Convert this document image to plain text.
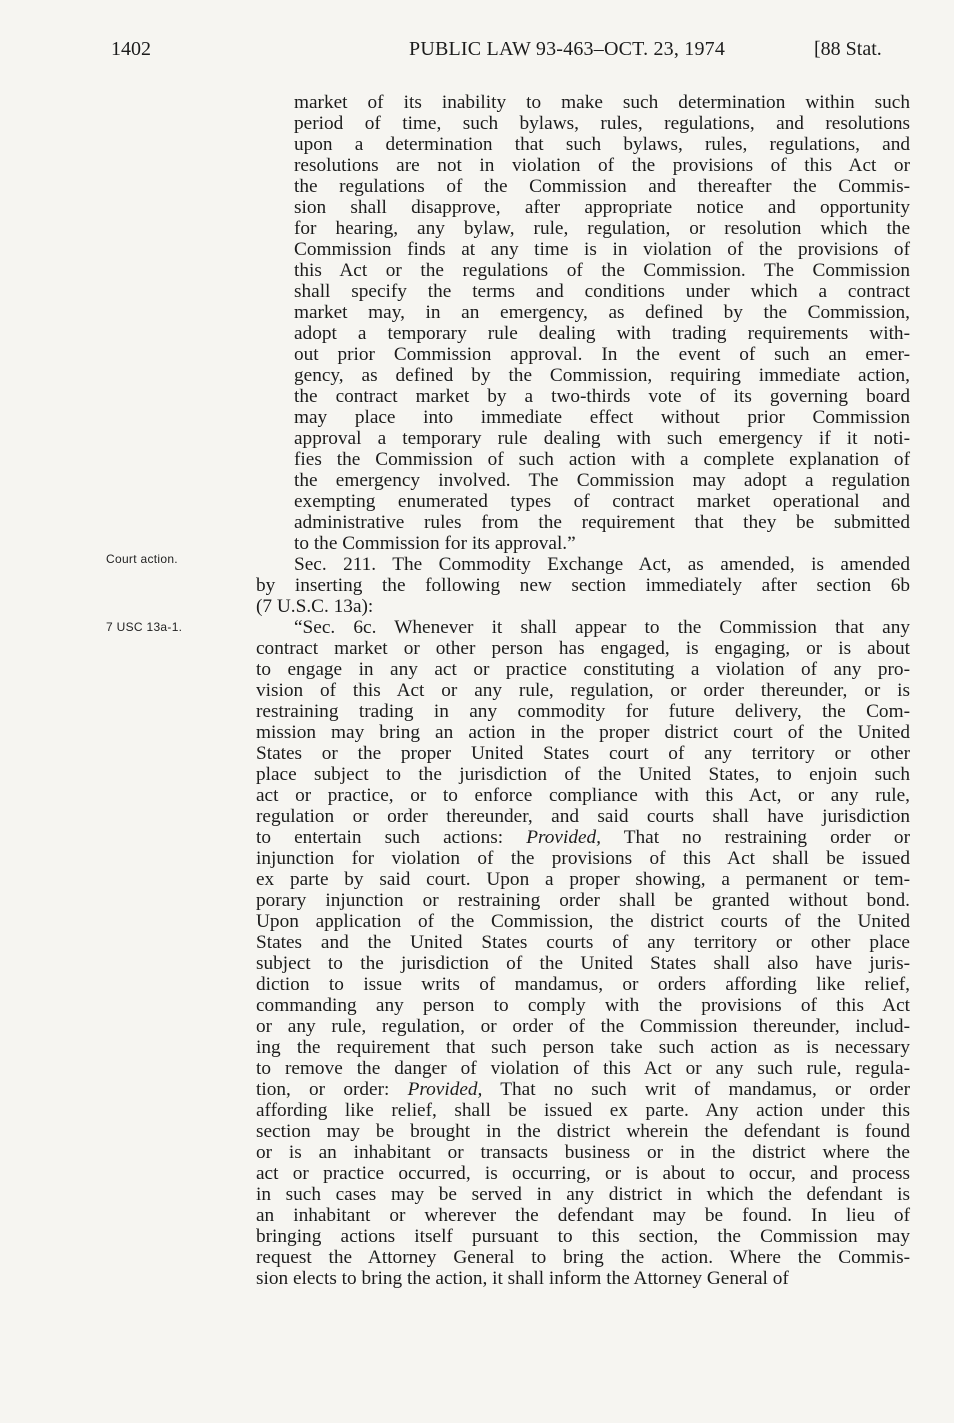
1402	PUBLIC LAW 93-463–OCT. 23, 1974	[88 Stat.
Court action.
7 USC 13a-1.
market of its inability to make such determination within such
period of time, such bylaws, rules, regulations, and resolutions
upon a determination that such bylaws, rules, regulations, and
resolutions are not in violation of the provisions of this Act or
the regulations of the Commission and thereafter the Commis-
sion shall disapprove, after appropriate notice and opportunity
for hearing, any bylaw, rule, regulation, or resolution which the
Commission finds at any time is in violation of the provisions of
this Act or the regulations of the Commission. The Commission
shall specify the terms and conditions under which a contract
market may, in an emergency, as defined by the Commission,
adopt a temporary rule dealing with trading requirements with-
out prior Commission approval. In the event of such an emer-
gency, as defined by the Commission, requiring immediate action,
the contract market by a two-thirds vote of its governing board
may place into immediate effect without prior Commission
approval a temporary rule dealing with such emergency if it noti-
fies the Commission of such action with a complete explanation of
the emergency involved. The Commission may adopt a regulation
exempting enumerated types of contract market operational and
administrative rules from the requirement that they be submitted
to the Commission for its approval.”
Sec. 211. The Commodity Exchange Act, as amended, is amended
by inserting the following new section immediately after section 6b
(7 U.S.C. 13a):
“Sec. 6c. Whenever it shall appear to the Commission that any
contract market or other person has engaged, is engaging, or is about
to engage in any act or practice constituting a violation of any pro-
vision of this Act or any rule, regulation, or order thereunder, or is
restraining trading in any commodity for future delivery, the Com-
mission may bring an action in the proper district court of the United
States or the proper United States court of any territory or other
place subject to the jurisdiction of the United States, to enjoin such
act or practice, or to enforce compliance with this Act, or any rule,
regulation or order thereunder, and said courts shall have jurisdiction
to entertain such actions: Provided, That no restraining order or
injunction for violation of the provisions of this Act shall be issued
ex parte by said court. Upon a proper showing, a permanent or tem-
porary injunction or restraining order shall be granted without bond.
Upon application of the Commission, the district courts of the United
States and the United States courts of any territory or other place
subject to the jurisdiction of the United States shall also have juris-
diction to issue writs of mandamus, or orders affording like relief,
commanding any person to comply with the provisions of this Act
or any rule, regulation, or order of the Commission thereunder, includ-
ing the requirement that such person take such action as is necessary
to remove the danger of violation of this Act or any such rule, regula-
tion, or order: Provided, That no such writ of mandamus, or order
affording like relief, shall be issued ex parte. Any action under this
section may be brought in the district wherein the defendant is found
or is an inhabitant or transacts business or in the district where the
act or practice occurred, is occurring, or is about to occur, and process
in such cases may be served in any district in which the defendant is
an inhabitant or wherever the defendant may be found. In lieu of
bringing actions itself pursuant to this section, the Commission may
request the Attorney General to bring the action. Where the Commis-
sion elects to bring the action, it shall inform the Attorney General of
